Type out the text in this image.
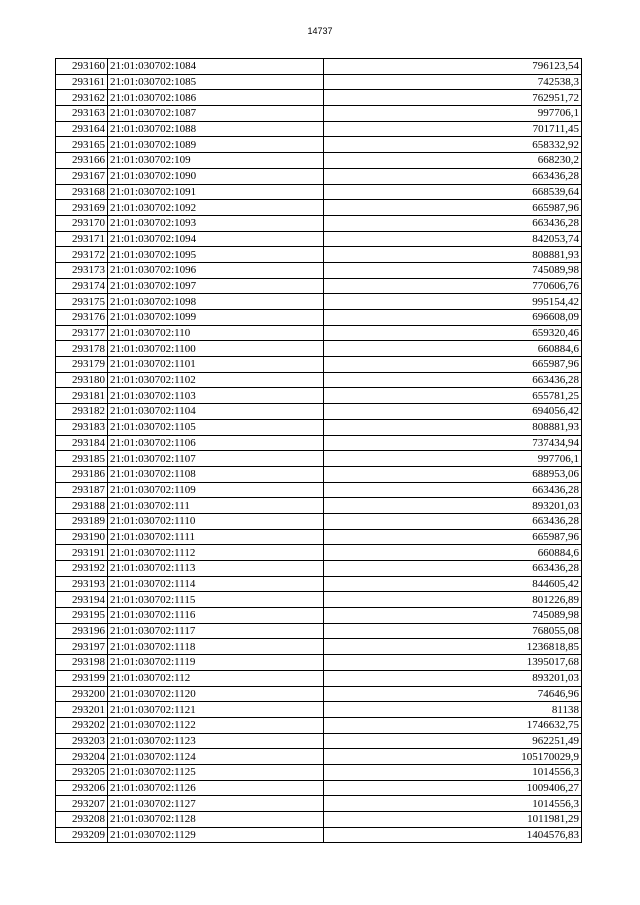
14737
293160	21:01:030702:1084	796123,54
293161	21:01:030702:1085	742538,3
293162	21:01:030702:1086	762951,72
293163	21:01:030702:1087	997706,1
293164	21:01:030702:1088	701711,45
293165	21:01:030702:1089	658332,92
293166	21:01:030702:109	668230,2
293167	21:01:030702:1090	663436,28
293168	21:01:030702:1091	668539,64
293169	21:01:030702:1092	665987,96
293170	21:01:030702:1093	663436,28
293171	21:01:030702:1094	842053,74
293172	21:01:030702:1095	808881,93
293173	21:01:030702:1096	745089,98
293174	21:01:030702:1097	770606,76
293175	21:01:030702:1098	995154,42
293176	21:01:030702:1099	696608,09
293177	21:01:030702:110	659320,46
293178	21:01:030702:1100	660884,6
293179	21:01:030702:1101	665987,96
293180	21:01:030702:1102	663436,28
293181	21:01:030702:1103	655781,25
293182	21:01:030702:1104	694056,42
293183	21:01:030702:1105	808881,93
293184	21:01:030702:1106	737434,94
293185	21:01:030702:1107	997706,1
293186	21:01:030702:1108	688953,06
293187	21:01:030702:1109	663436,28
293188	21:01:030702:111	893201,03
293189	21:01:030702:1110	663436,28
293190	21:01:030702:1111	665987,96
293191	21:01:030702:1112	660884,6
293192	21:01:030702:1113	663436,28
293193	21:01:030702:1114	844605,42
293194	21:01:030702:1115	801226,89
293195	21:01:030702:1116	745089,98
293196	21:01:030702:1117	768055,08
293197	21:01:030702:1118	1236818,85
293198	21:01:030702:1119	1395017,68
293199	21:01:030702:112	893201,03
293200	21:01:030702:1120	74646,96
293201	21:01:030702:1121	81138
293202	21:01:030702:1122	1746632,75
293203	21:01:030702:1123	962251,49
293204	21:01:030702:1124	105170029,9
293205	21:01:030702:1125	1014556,3
293206	21:01:030702:1126	1009406,27
293207	21:01:030702:1127	1014556,3
293208	21:01:030702:1128	1011981,29
293209	21:01:030702:1129	1404576,83
